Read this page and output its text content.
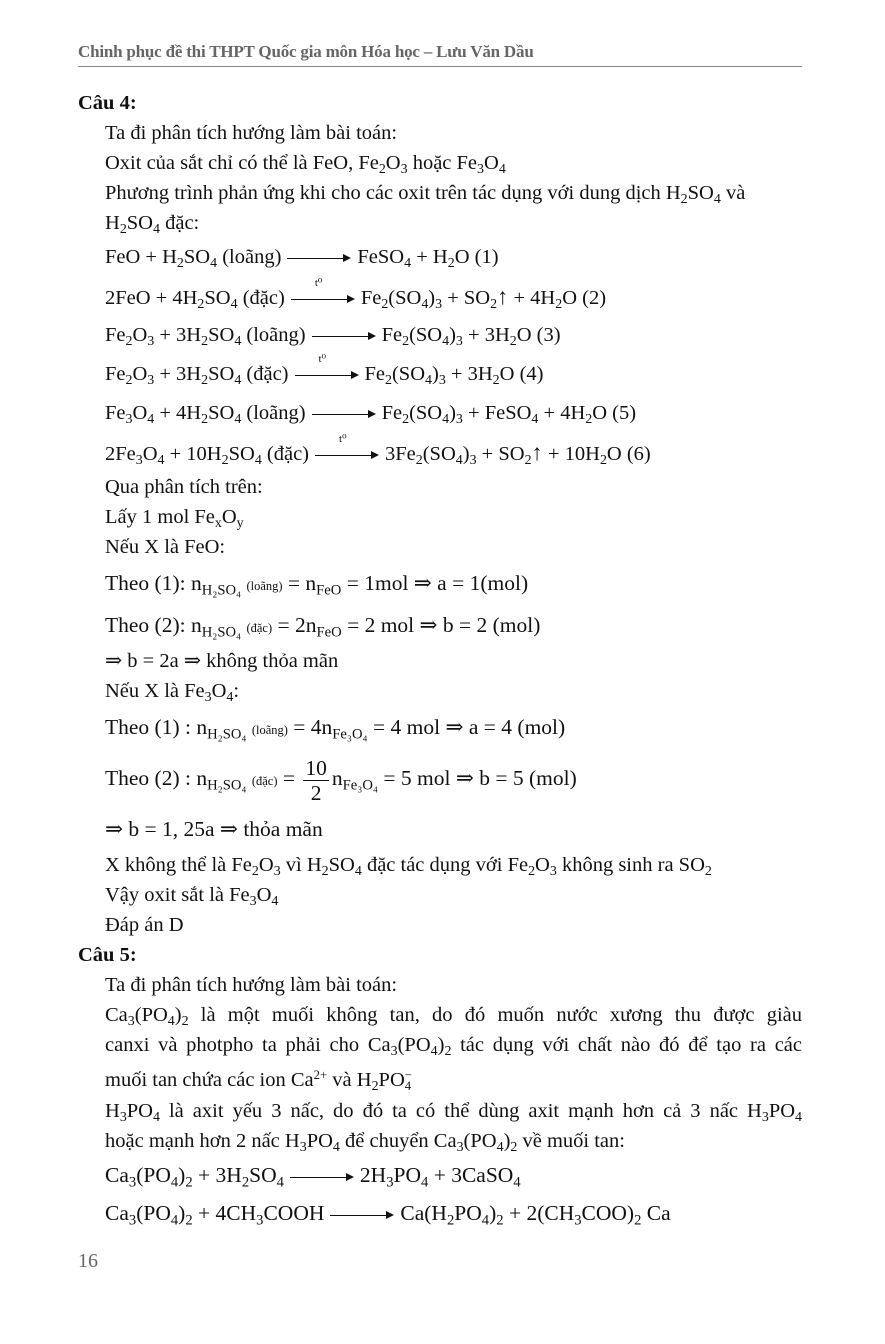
Chinh phục đề thi THPT Quốc gia môn Hóa học – Lưu Văn Dầu
Câu 4:
Ta đi phân tích hướng làm bài toán:
Oxit của sắt chỉ có thể là FeO, $Fe_2O_3$ hoặc $Fe_3O_4$
Phương trình phản ứng khi cho các oxit trên tác dụng với dung dịch $H_2SO_4$ và
$H_2SO_4$ đặc:
FeO + $H_2SO_4$ (loãng)	FeSO$_4$ + $H_2O$ (1)
$2FeO + 4H_2SO_4$ (đặc)
t⁰
$Fe_2(SO_4)_3$ + $SO_2↑ + 4H_2O$ (2)
$Fe_2O_3 + 3H_2SO_4$ (loãng)	$Fe_2(SO_4)_3 + 3H_2O$ (3)
$Fe_2O_3 + 3H_2SO_4$ (đặc)
t⁰
$Fe_2(SO_4)_3 + 3H_2O$ (4)
$Fe_3O_4 + 4H_2SO_4$ (loãng)	$Fe_2(SO_4)_3$ + FeSO$_4$ + $4H_2O$ (5)
$2Fe_3O_4 + 10H_2SO_4$ (đặc)
t⁰
$3Fe_2(SO_4)_3$ + $SO_2↑ + 10H_2O$ (6)
Qua phân tích trên:
Lấy 1 mol $Fe_xO_y$
Nếu X là FeO:
Theo (1): $n_{H_2SO_4}$ (loãng) = $n_{FeO} = 1mol$ ⇒ a = 1(mol)
Theo (2): $n_{H_2SO_4}$ (đặc) = $2n_{FeO} = 2$ mol ⇒ b = 2 (mol)
⇒ b = 2a ⇒ không thỏa mãn
Nếu X là $Fe_3O_4$:
Theo (1) : $n_{H_2SO_4}$ (loãng) = $4n_{Fe_3O_4} = 4$ mol ⇒ a = 4 (mol)
Theo (2) : $n_{H_2SO_4}$ (đặc) = $\frac{10}{2} n_{Fe_3O_4} = 5$ mol ⇒ b = 5 (mol)
⇒ b = 1, 25a ⇒ thỏa mãn
X không thể là $Fe_2O_3$ vì $H_2SO_4$ đặc tác dụng với $Fe_2O_3$ không sinh ra $SO_2$
Vậy oxit sắt là $Fe_3O_4$
Đáp án D
Câu 5:
Ta đi phân tích hướng làm bài toán:
$Ca_3(PO_4)_2$ là một muối không tan, do đó muốn nước xương thu được giàu
canxi và photpho ta phải cho $Ca_3(PO_4)_2$ tác dụng với chất nào đó để tạo ra các
muối tan chứa các ion $Ca^{2+}$ và $H_2PO$ −
4
$H_3PO_4$ là axit yếu 3 nấc, do đó ta có thể dùng axit mạnh hơn cả 3 nấc $H_3PO_4$
hoặc mạnh hơn 2 nấc $H_3PO_4$ để chuyển $Ca_3(PO_4)_2$ về muối tan:
$Ca_3(PO_4)_2 + 3H_2SO_4$	$2H_3PO_4$ + 3CaSO$_4$
$Ca_3(PO_4)_2$ + $4CH_3COOH$	$Ca(H_2PO_4)_2 + 2(CH_3COO)_2$ Ca
16
